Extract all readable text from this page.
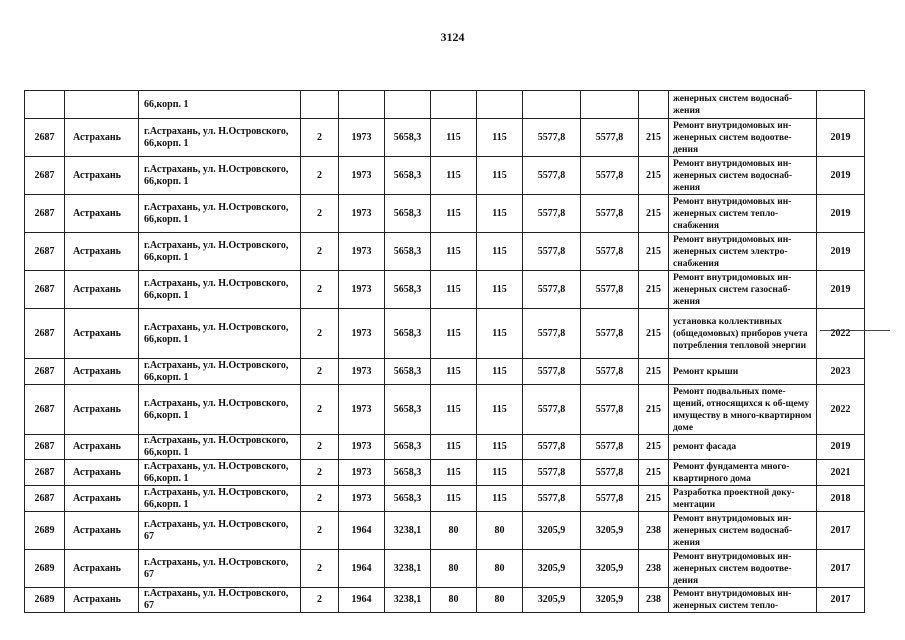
3124
		66,корп. 1									женерных систем водоснаб-жения	
2687	Астрахань	г.Астрахань, ул. Н.Островского, 66,корп. 1	2	1973	5658,3	115	115	5577,8	5577,8	215	Ремонт внутридомовых ин-женерных систем водоотве-дения	2019
2687	Астрахань	г.Астрахань, ул. Н.Островского, 66,корп. 1	2	1973	5658,3	115	115	5577,8	5577,8	215	Ремонт внутридомовых ин-женерных систем водоснаб-жения	2019
2687	Астрахань	г.Астрахань, ул. Н.Островского, 66,корп. 1	2	1973	5658,3	115	115	5577,8	5577,8	215	Ремонт внутридомовых ин-женерных систем тепло-снабжения	2019
2687	Астрахань	г.Астрахань, ул. Н.Островского, 66,корп. 1	2	1973	5658,3	115	115	5577,8	5577,8	215	Ремонт внутридомовых ин-женерных систем электро-снабжения	2019
2687	Астрахань	г.Астрахань, ул. Н.Островского, 66,корп. 1	2	1973	5658,3	115	115	5577,8	5577,8	215	Ремонт внутридомовых ин-женерных систем газоснаб-жения	2019
2687	Астрахань	г.Астрахань, ул. Н.Островского, 66,корп. 1	2	1973	5658,3	115	115	5577,8	5577,8	215	установка коллективных (общедомовых) приборов учета потребления тепловой энергии	2022
2687	Астрахань	г.Астрахань, ул. Н.Островского, 66,корп. 1	2	1973	5658,3	115	115	5577,8	5577,8	215	Ремонт крыши	2023
2687	Астрахань	г.Астрахань, ул. Н.Островского, 66,корп. 1	2	1973	5658,3	115	115	5577,8	5577,8	215	Ремонт подвальных поме-щений, относящихся к об-щему имуществу в много-квартирном доме	2022
2687	Астрахань	г.Астрахань, ул. Н.Островского, 66,корп. 1	2	1973	5658,3	115	115	5577,8	5577,8	215	ремонт фасада	2019
2687	Астрахань	г.Астрахань, ул. Н.Островского, 66,корп. 1	2	1973	5658,3	115	115	5577,8	5577,8	215	Ремонт фундамента много-квартирного дома	2021
2687	Астрахань	г.Астрахань, ул. Н.Островского, 66,корп. 1	2	1973	5658,3	115	115	5577,8	5577,8	215	Разработка проектной доку-ментации	2018
2689	Астрахань	г.Астрахань, ул. Н.Островского, 67	2	1964	3238,1	80	80	3205,9	3205,9	238	Ремонт внутридомовых ин-женерных систем водоснаб-жения	2017
2689	Астрахань	г.Астрахань, ул. Н.Островского, 67	2	1964	3238,1	80	80	3205,9	3205,9	238	Ремонт внутридомовых ин-женерных систем водоотве-дения	2017
2689	Астрахань	г.Астрахань, ул. Н.Островского, 67	2	1964	3238,1	80	80	3205,9	3205,9	238	Ремонт внутридомовых ин-женерных систем тепло-	2017
